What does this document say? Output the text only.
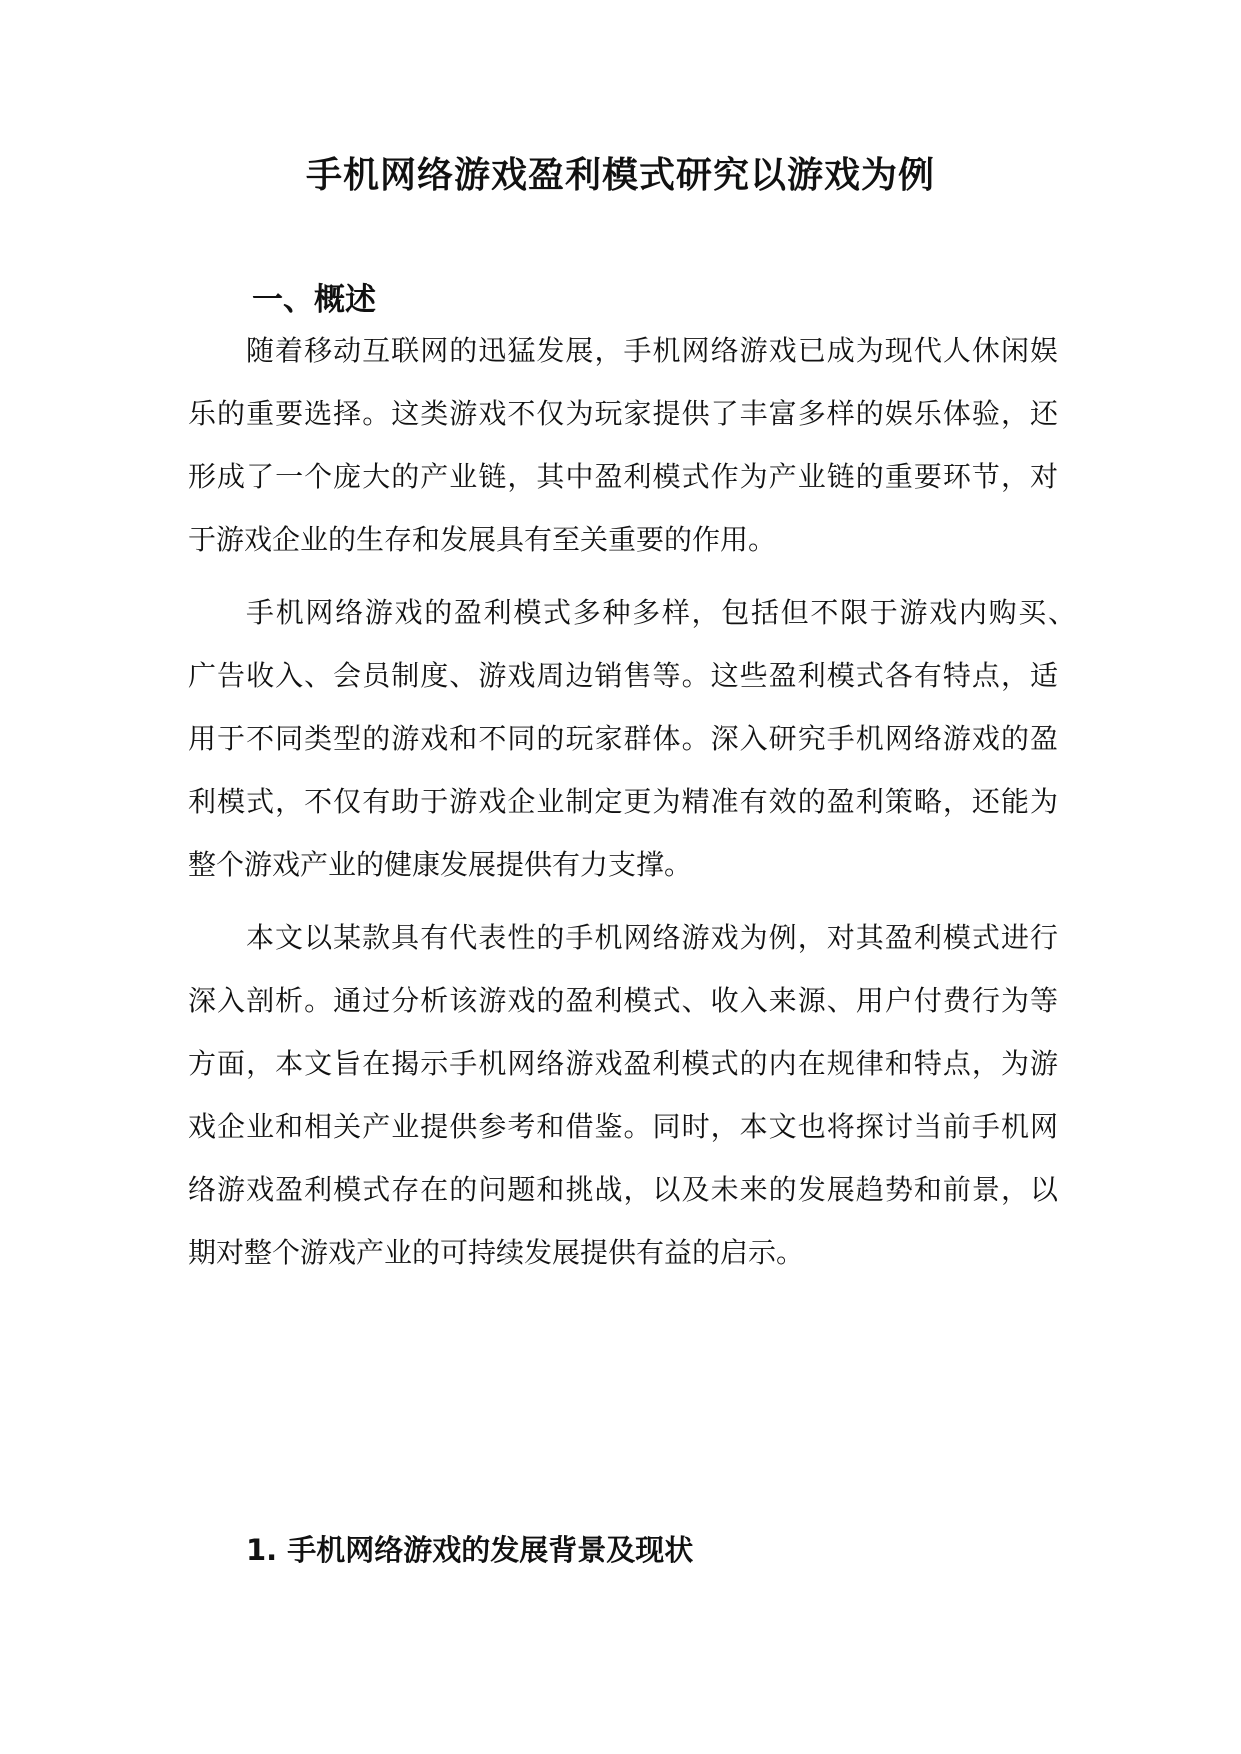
手机网络游戏盈利模式研究以游戏为例
一、概述
随着移动互联网的迅猛发展，手机网络游戏已成为现代人休闲娱
乐的重要选择。这类游戏不仅为玩家提供了丰富多样的娱乐体验，还
形成了一个庞大的产业链，其中盈利模式作为产业链的重要环节，对
于游戏企业的生存和发展具有至关重要的作用。
手机网络游戏的盈利模式多种多样，包括但不限于游戏内购买、
广告收入、会员制度、游戏周边销售等。这些盈利模式各有特点，适
用于不同类型的游戏和不同的玩家群体。深入研究手机网络游戏的盈
利模式，不仅有助于游戏企业制定更为精准有效的盈利策略，还能为
整个游戏产业的健康发展提供有力支撑。
本文以某款具有代表性的手机网络游戏为例，对其盈利模式进行
深入剖析。通过分析该游戏的盈利模式、收入来源、用户付费行为等
方面，本文旨在揭示手机网络游戏盈利模式的内在规律和特点，为游
戏企业和相关产业提供参考和借鉴。同时，本文也将探讨当前手机网
络游戏盈利模式存在的问题和挑战，以及未来的发展趋势和前景，以
期对整个游戏产业的可持续发展提供有益的启示。
1. 手机网络游戏的发展背景及现状
